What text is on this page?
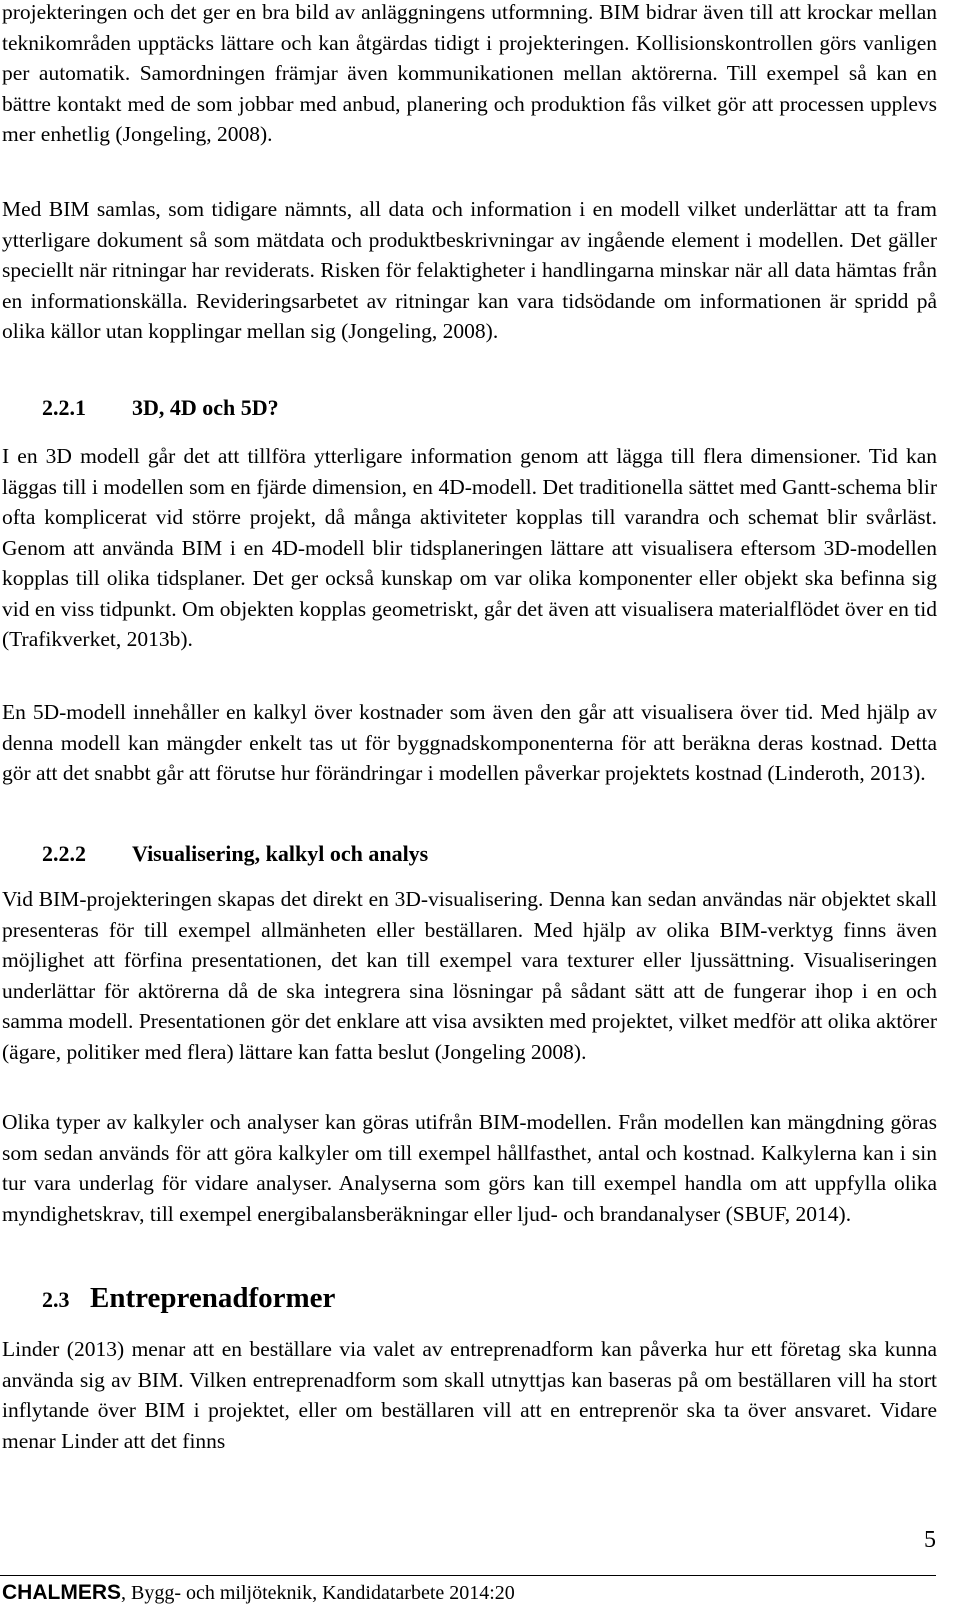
projekteringen och det ger en bra bild av anläggningens utformning. BIM bidrar även till att krockar mellan teknikområden upptäcks lättare och kan åtgärdas tidigt i projekteringen. Kollisionskontrollen görs vanligen per automatik. Samordningen främjar även kommunikationen mellan aktörerna. Till exempel så kan en bättre kontakt med de som jobbar med anbud, planering och produktion fås vilket gör att processen upplevs mer enhetlig (Jongeling, 2008).

Med BIM samlas, som tidigare nämnts, all data och information i en modell vilket underlättar att ta fram ytterligare dokument så som mätdata och produktbeskrivningar av ingående element i modellen. Det gäller speciellt när ritningar har reviderats. Risken för felaktigheter i handlingarna minskar när all data hämtas från en informationskälla. Revideringsarbetet av ritningar kan vara tidsödande om informationen är spridd på olika källor utan kopplingar mellan sig (Jongeling, 2008).

2.2.1	3D, 4D och 5D?

I en 3D modell går det att tillföra ytterligare information genom att lägga till flera dimensioner. Tid kan läggas till i modellen som en fjärde dimension, en 4D-modell. Det traditionella sättet med Gantt-schema blir ofta komplicerat vid större projekt, då många aktiviteter kopplas till varandra och schemat blir svårläst. Genom att använda BIM i en 4D-modell blir tidsplaneringen lättare att visualisera eftersom 3D-modellen kopplas till olika tidsplaner. Det ger också kunskap om var olika komponenter eller objekt ska befinna sig vid en viss tidpunkt. Om objekten kopplas geometriskt, går det även att visualisera materialflödet över en tid (Trafikverket, 2013b).

En 5D-modell innehåller en kalkyl över kostnader som även den går att visualisera över tid. Med hjälp av denna modell kan mängder enkelt tas ut för byggnadskomponenterna för att beräkna deras kostnad. Detta gör att det snabbt går att förutse hur förändringar i modellen påverkar projektets kostnad (Linderoth, 2013).

2.2.2	Visualisering, kalkyl och analys

Vid BIM-projekteringen skapas det direkt en 3D-visualisering. Denna kan sedan användas när objektet skall presenteras för till exempel allmänheten eller beställaren. Med hjälp av olika BIM-verktyg finns även möjlighet att förfina presentationen, det kan till exempel vara texturer eller ljussättning. Visualiseringen underlättar för aktörerna då de ska integrera sina lösningar på sådant sätt att de fungerar ihop i en och samma modell. Presentationen gör det enklare att visa avsikten med projektet, vilket medför att olika aktörer (ägare, politiker med flera) lättare kan fatta beslut (Jongeling 2008).

Olika typer av kalkyler och analyser kan göras utifrån BIM-modellen. Från modellen kan mängdning göras som sedan används för att göra kalkyler om till exempel hållfasthet, antal och kostnad. Kalkylerna kan i sin tur vara underlag för vidare analyser. Analyserna som görs kan till exempel handla om att uppfylla olika myndighetskrav, till exempel energibalansberäkningar eller ljud- och brandanalyser (SBUF, 2014).

2.3 Entreprenadformer

Linder (2013) menar att en beställare via valet av entreprenadform kan påverka hur ett företag ska kunna använda sig av BIM. Vilken entreprenadform som skall utnyttjas kan baseras på om beställaren vill ha stort inflytande över BIM i projektet, eller om beställaren vill att en entreprenör ska ta över ansvaret. Vidare menar Linder att det finns

5
CHALMERS, Bygg- och miljöteknik, Kandidatarbete 2014:20
